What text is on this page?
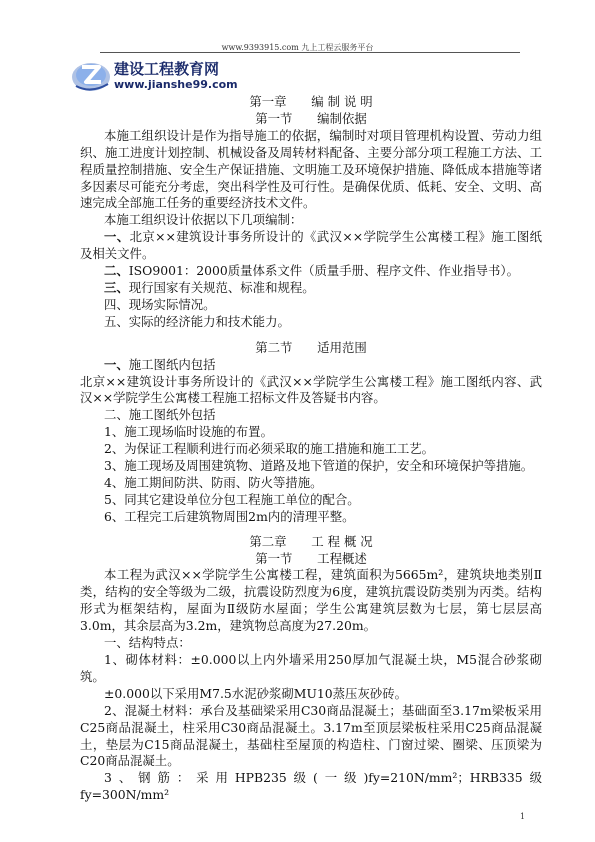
www.9393915.com 九上工程云服务平台
建设工程教育网
www.jianshe99.com

第一章　　编 制 说 明

第一节　　编制依据

本施工组织设计是作为指导施工的依据，编制时对项目管理机构设置、劳动力组织、施工进度计划控制、机械设备及周转材料配备、主要分部分项工程施工方法、工程质量控制措施、安全生产保证措施、文明施工及环境保护措施、降低成本措施等诸多因素尽可能充分考虑，突出科学性及可行性。是确保优质、低耗、安全、文明、高速完成全部施工任务的重要经济技术文件。

本施工组织设计依据以下几项编制：

一、北京××建筑设计事务所设计的《武汉××学院学生公寓楼工程》施工图纸及相关文件。

二、ISO9001：2000质量体系文件（质量手册、程序文件、作业指导书）。

三、现行国家有关规范、标准和规程。

四、现场实际情况。

五、实际的经济能力和技术能力。

第二节　　适用范围

一、施工图纸内包括

北京××建筑设计事务所设计的《武汉××学院学生公寓楼工程》施工图纸内容、武汉××学院学生公寓楼工程施工招标文件及答疑书内容。

二、施工图纸外包括

1、施工现场临时设施的布置。

2、为保证工程顺利进行而必须采取的施工措施和施工工艺。

3、施工现场及周围建筑物、道路及地下管道的保护，安全和环境保护等措施。

4、施工期间防洪、防雨、防火等措施。

5、同其它建设单位分包工程施工单位的配合。

6、工程完工后建筑物周围2m内的清理平整。

第二章　　工 程 概 况

第一节　　工程概述

本工程为武汉××学院学生公寓楼工程，建筑面积为5665m²，建筑块地类别Ⅱ类，结构的安全等级为二级，抗震设防烈度为6度，建筑抗震设防类别为丙类。结构形式为框架结构，屋面为Ⅱ级防水屋面；学生公寓建筑层数为七层，第七层层高3.0m，其余层高为3.2m，建筑物总高度为27.20m。

一、结构特点：

1、砌体材料：±0.000以上内外墙采用250厚加气混凝土块，M5混合砂浆砌筑。

±0.000以下采用M7.5水泥砂浆砌MU10蒸压灰砂砖。

2、混凝土材料：承台及基础梁采用C30商品混凝土；基础面至3.17m梁板采用C25商品混凝土，柱采用C30商品混凝土。3.17m至顶层梁板柱采用C25商品混凝土，垫层为C15商品混凝土，基础柱至屋顶的构造柱、门窗过梁、圈梁、压顶梁为C20商品混凝土。

3、钢筋：采用HPB235级(一级)fy=210N/mm²；HRB335级 fy=300N/mm²

1
